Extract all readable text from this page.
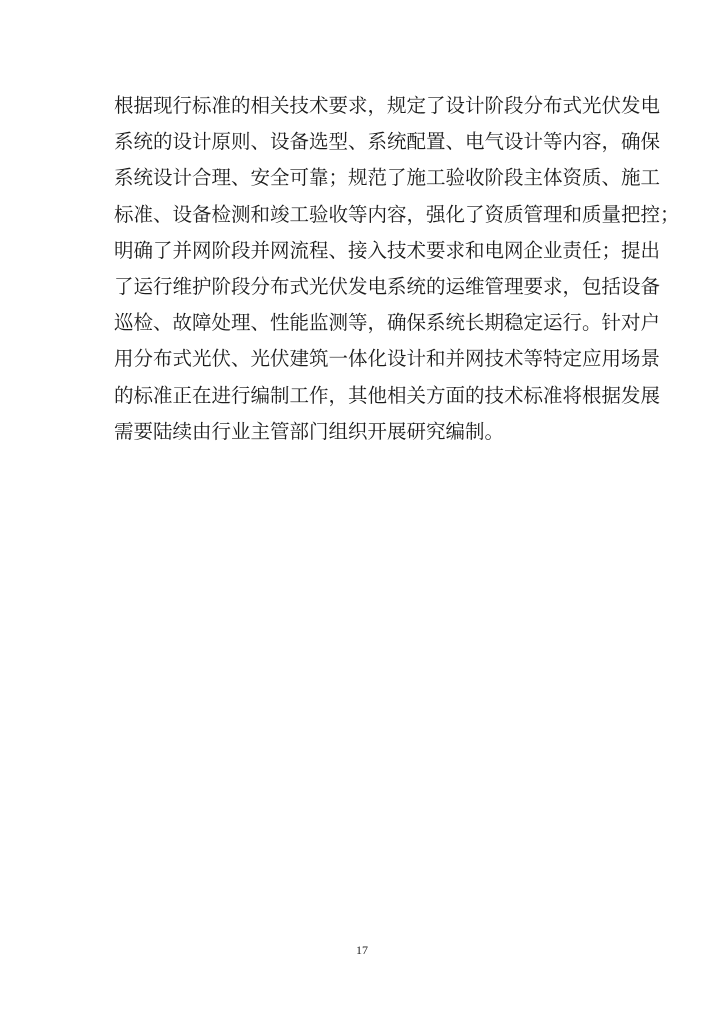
根据现行标准的相关技术要求，规定了设计阶段分布式光伏发电
系统的设计原则、设备选型、系统配置、电气设计等内容，确保
系统设计合理、安全可靠；规范了施工验收阶段主体资质、施工
标准、设备检测和竣工验收等内容，强化了资质管理和质量把控；
明确了并网阶段并网流程、接入技术要求和电网企业责任；提出
了运行维护阶段分布式光伏发电系统的运维管理要求，包括设备
巡检、故障处理、性能监测等，确保系统长期稳定运行。针对户
用分布式光伏、光伏建筑一体化设计和并网技术等特定应用场景
的标准正在进行编制工作，其他相关方面的技术标准将根据发展
需要陆续由行业主管部门组织开展研究编制。
17
